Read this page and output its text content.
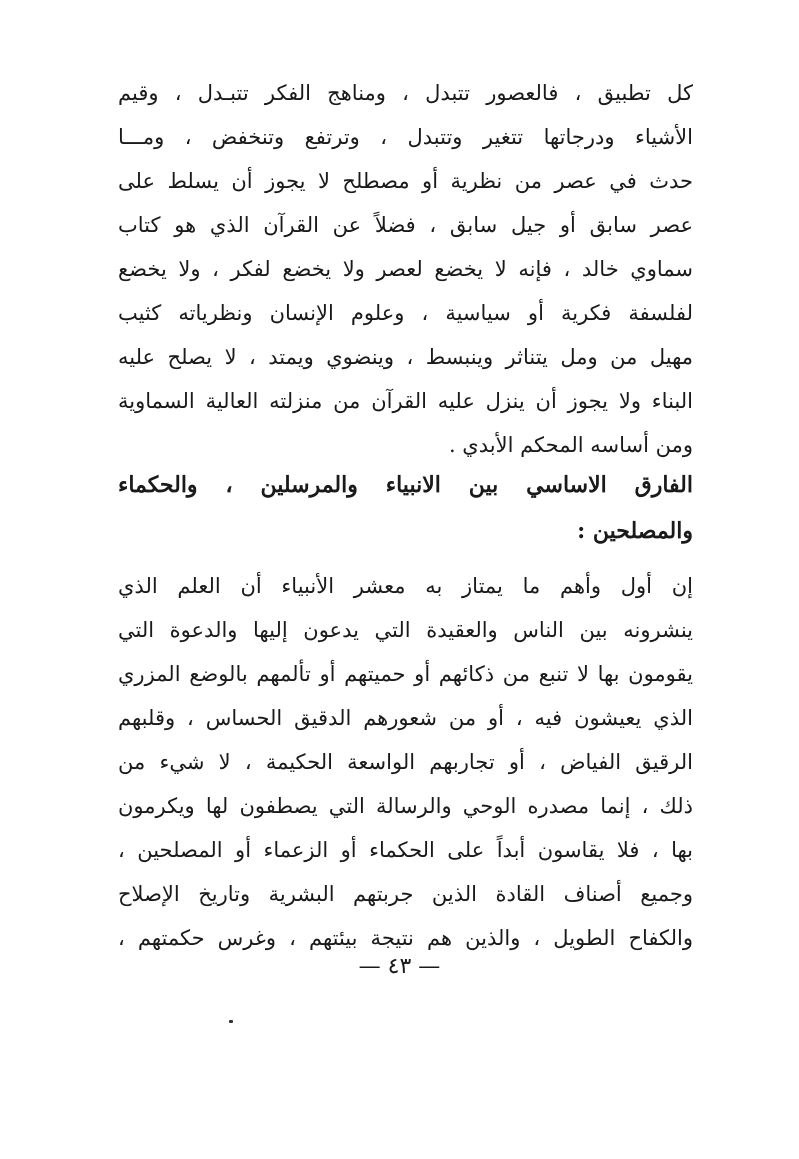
كل تطبيق ، فالعصور تتبدل ، ومناهج الفكر تتبـدل ، وقيم
الأشياء ودرجاتها تتغير وتتبدل ، وترتفع وتنخفض ، ومـــا
حدث في عصر من نظرية أو مصطلح لا يجوز أن يسلط على
عصر سابق أو جيل سابق ، فضلاً عن القرآن الذي هو كتاب
سماوي خالد ، فإنه لا يخضع لعصر ولا يخضع لفكر ، ولا يخضع
لفلسفة فكرية أو سياسية ، وعلوم الإنسان ونظرياته كثيب
مهيل من ومل يتناثر وينبسط ، وينضوي ويمتد ، لا يصلح عليه
البناء ولا يجوز أن ينزل عليه القرآن من منزلته العالية السماوية
ومن أساسه المحكم الأبدي .
الفارق الاساسي بين الانبياء والمرسلين ، والحكماء
والمصلحين :
إن أول وأهم ما يمتاز به معشر الأنبياء أن العلم الذي
ينشرونه بين الناس والعقيدة التي يدعون إليها والدعوة التي
يقومون بها لا تنبع من ذكائهم أو حميتهم أو تألمهم بالوضع المزري
الذي يعيشون فيه ، أو من شعورهم الدقيق الحساس ، وقلبهم
الرقيق الفياض ، أو تجاربهم الواسعة الحكيمة ، لا شيء من
ذلك ، إنما مصدره الوحي والرسالة التي يصطفون لها ويكرمون
بها ، فلا يقاسون أبداً على الحكماء أو الزعماء أو المصلحين ،
وجميع أصناف القادة الذين جربتهم البشرية وتاريخ الإصلاح
والكفاح الطويل ، والذين هم نتيجة بيئتهم ، وغرس حكمتهم ،
— ٤٣ —
